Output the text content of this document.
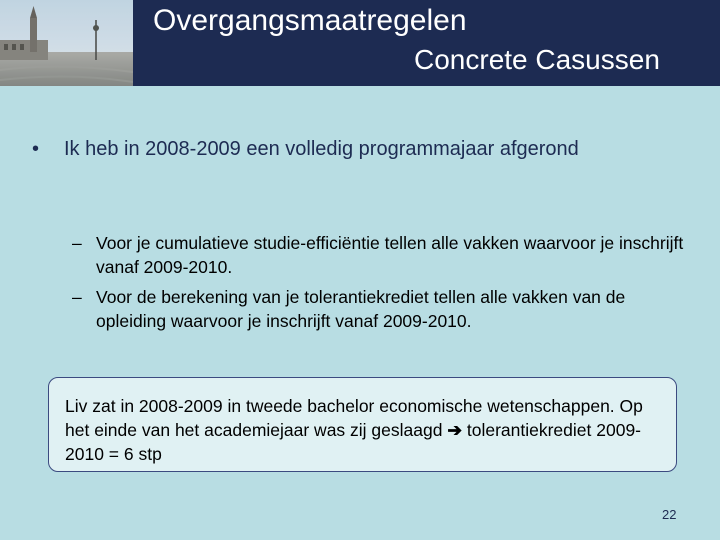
Overgangsmaatregelen
Concrete Casussen
• Ik heb in 2008-2009 een volledig programmajaar afgerond
– Voor je cumulatieve studie-efficiëntie tellen alle vakken waarvoor je inschrijft vanaf 2009-2010.
– Voor de berekening van je tolerantiekrediet tellen alle vakken van de opleiding waarvoor je inschrijft vanaf 2009-2010.

Liv zat in 2008-2009 in tweede bachelor economische wetenschappen. Op het einde van het academiejaar was zij geslaagd ➔ tolerantiekrediet 2009-2010 = 6 stp

22
